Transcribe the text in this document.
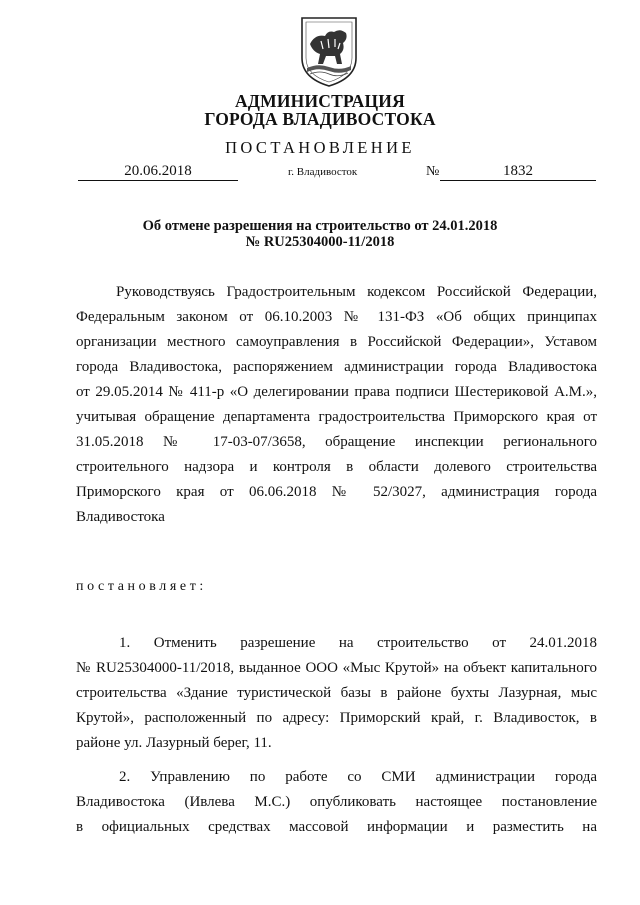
АДМИНИСТРАЦИЯ
ГОРОДА ВЛАДИВОСТОКА
ПОСТАНОВЛЕНИЕ
20.06.2018	г. Владивосток	№	1832
Об отмене разрешения на строительство от 24.01.2018
№ RU25304000-11/2018
Руководствуясь Градостроительным кодексом Российской Федерации,
Федеральным законом от 06.10.2003 № 131-ФЗ «Об общих принципах
организации местного самоуправления в Российской Федерации», Уставом
города Владивостока, распоряжением администрации города Владивостока
от 29.05.2014 № 411-р «О делегировании права подписи Шестериковой А.М.»,
учитывая обращение департамента градостроительства Приморского края от
31.05.2018 № 17-03-07/3658, обращение инспекции регионального
строительного надзора и контроля в области долевого строительства
Приморского края от 06.06.2018 № 52/3027, администрация города
Владивостока
постановляет:
1. Отменить разрешение на строительство от 24.01.2018
№ RU25304000-11/2018, выданное ООО «Мыс Крутой» на объект капитального
строительства «Здание туристической базы в районе бухты Лазурная, мыс
Крутой», расположенный по адресу: Приморский край, г. Владивосток, в
районе ул. Лазурный берег, 11.
2. Управлению по работе со СМИ администрации города
Владивостока (Ивлева М.С.) опубликовать настоящее постановление
в официальных средствах массовой информации и разместить на
